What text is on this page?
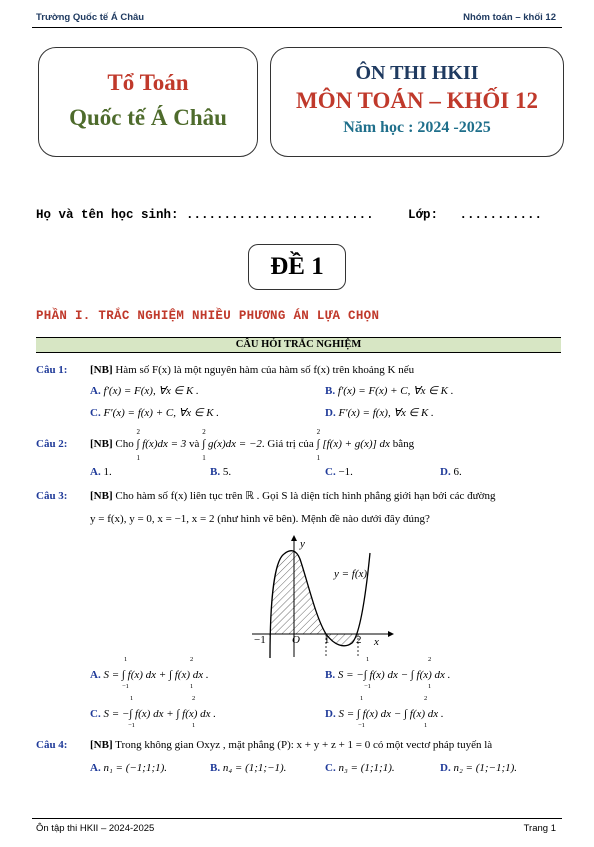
Trường Quốc tế Á Châu	Nhóm toán – khối 12
Tổ Toán
Quốc tế Á Châu
ÔN THI HKII
MÔN TOÁN – KHỐI 12
Năm học : 2024 -2025
Họ và tên học sinh: .........................	Lớp: ...........
ĐỀ 1
PHẦN I. TRẮC NGHIỆM NHIỀU PHƯƠNG ÁN LỰA CHỌN
CÂU HỎI TRẮC NGHIỆM
Câu 1: [NB] Hàm số F(x) là một nguyên hàm của hàm số f(x) trên khoảng K nếu
A. f′(x) = F(x), ∀x ∈ K .	B. f′(x) = F(x) + C, ∀x ∈ K .
C. F′(x) = f(x) + C, ∀x ∈ K .	D. F′(x) = f(x), ∀x ∈ K .
Câu 2: [NB] Cho
2
∫ f(x)dx = 3
1
và
2
∫ g(x)dx = −2
1
. Giá trị của
2
∫ [f(x) + g(x)] dx
1
bằng
A. 1.	B. 5.	C. −1.	D. 6.
Câu 3: [NB] Cho hàm số f(x) liên tục trên ℝ . Gọi S là diện tích hình phẳng giới hạn bởi các đường
y = f(x), y = 0, x = −1, x = 2 (như hình vẽ bên). Mệnh đề nào dưới đây đúng?
y
x
y = f(x)
O
−1	1 2
A. S = ∫ f(x) dx + ∫ f(x) dx .	B. S = −∫ f(x) dx − ∫ f(x) dx .
C. S = −∫ f(x) dx + ∫ f(x) dx .	D. S = ∫ f(x) dx − ∫ f(x) dx .
1
−1
2
1
1
−1
2
1
1
−1
2
1
1
−1
2
1
Câu 4: [NB] Trong không gian Oxyz , mặt phẳng (P): x + y + z + 1 = 0 có một vectơ pháp tuyến là
A. n₁ = (−1;1;1).	B. n₄ = (1;1;−1).	C. n₃ = (1;1;1).	D. n₂ = (1;−1;1).
Ôn tập thi HKII – 2024-2025	Trang 1
